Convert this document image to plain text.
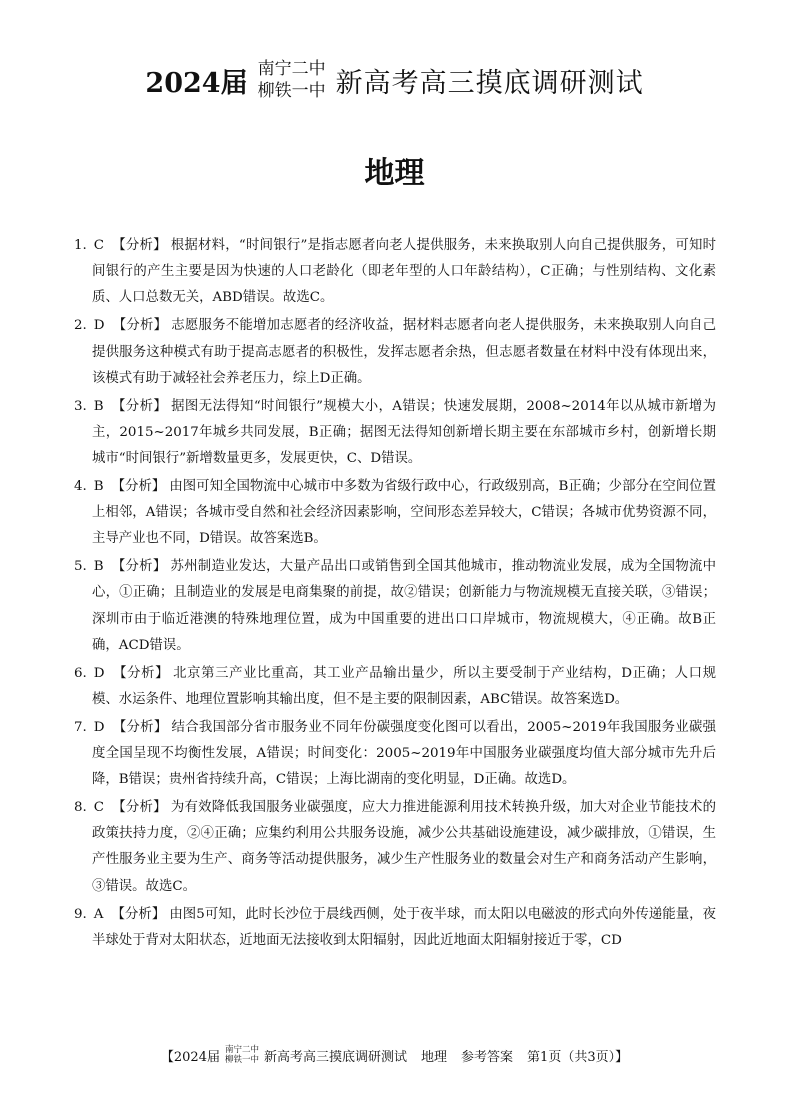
2024届 南宁二中
柳铁一中 新高考高三摸底调研测试
地理
1. C 【分析】 根据材料，“时间银行”是指志愿者向老人提供服务，未来换取别人向自己提供服务，可知时间银行的产生主要是因为快速的人口老龄化（即老年型的人口年龄结构），C正确；与性别结构、文化素质、人口总数无关，ABD错误。故选C。
2. D 【分析】 志愿服务不能增加志愿者的经济收益，据材料志愿者向老人提供服务，未来换取别人向自己提供服务这种模式有助于提高志愿者的积极性，发挥志愿者余热，但志愿者数量在材料中没有体现出来，该模式有助于减轻社会养老压力，综上D正确。
3. B 【分析】 据图无法得知“时间银行”规模大小，A错误；快速发展期，2008~2014年以从城市新增为主，2015~2017年城乡共同发展，B正确；据图无法得知创新增长期主要在东部城市乡村，创新增长期城市“时间银行”新增数量更多，发展更快，C、D错误。
4. B 【分析】 由图可知全国物流中心城市中多数为省级行政中心，行政级别高，B正确；少部分在空间位置上相邻，A错误；各城市受自然和社会经济因素影响，空间形态差异较大，C错误；各城市优势资源不同，主导产业也不同，D错误。故答案选B。
5. B 【分析】 苏州制造业发达，大量产品出口或销售到全国其他城市，推动物流业发展，成为全国物流中心，①正确；且制造业的发展是电商集聚的前提，故②错误；创新能力与物流规模无直接关联，③错误；深圳市由于临近港澳的特殊地理位置，成为中国重要的进出口口岸城市，物流规模大，④正确。故B正确，ACD错误。
6. D 【分析】 北京第三产业比重高，其工业产品输出量少，所以主要受制于产业结构，D正确；人口规模、水运条件、地理位置影响其输出度，但不是主要的限制因素，ABC错误。故答案选D。
7. D 【分析】 结合我国部分省市服务业不同年份碳强度变化图可以看出，2005~2019年我国服务业碳强度全国呈现不均衡性发展，A错误；时间变化：2005~2019年中国服务业碳强度均值大部分城市先升后降，B错误；贵州省持续升高，C错误；上海比湖南的变化明显，D正确。故选D。
8. C 【分析】 为有效降低我国服务业碳强度，应大力推进能源利用技术转换升级，加大对企业节能技术的政策扶持力度，②④正确；应集约利用公共服务设施，减少公共基础设施建设，减少碳排放，①错误，生产性服务业主要为生产、商务等活动提供服务，减少生产性服务业的数量会对生产和商务活动产生影响，③错误。故选C。
9. A 【分析】 由图5可知，此时长沙位于晨线西侧，处于夜半球，而太阳以电磁波的形式向外传递能量，夜半球处于背对太阳状态，近地面无法接收到太阳辐射，因此近地面太阳辐射接近于零，CD
【2024届 南宁二中
柳铁一中 新高考高三摸底调研测试 地理 参考答案 第1页（共3页）】
